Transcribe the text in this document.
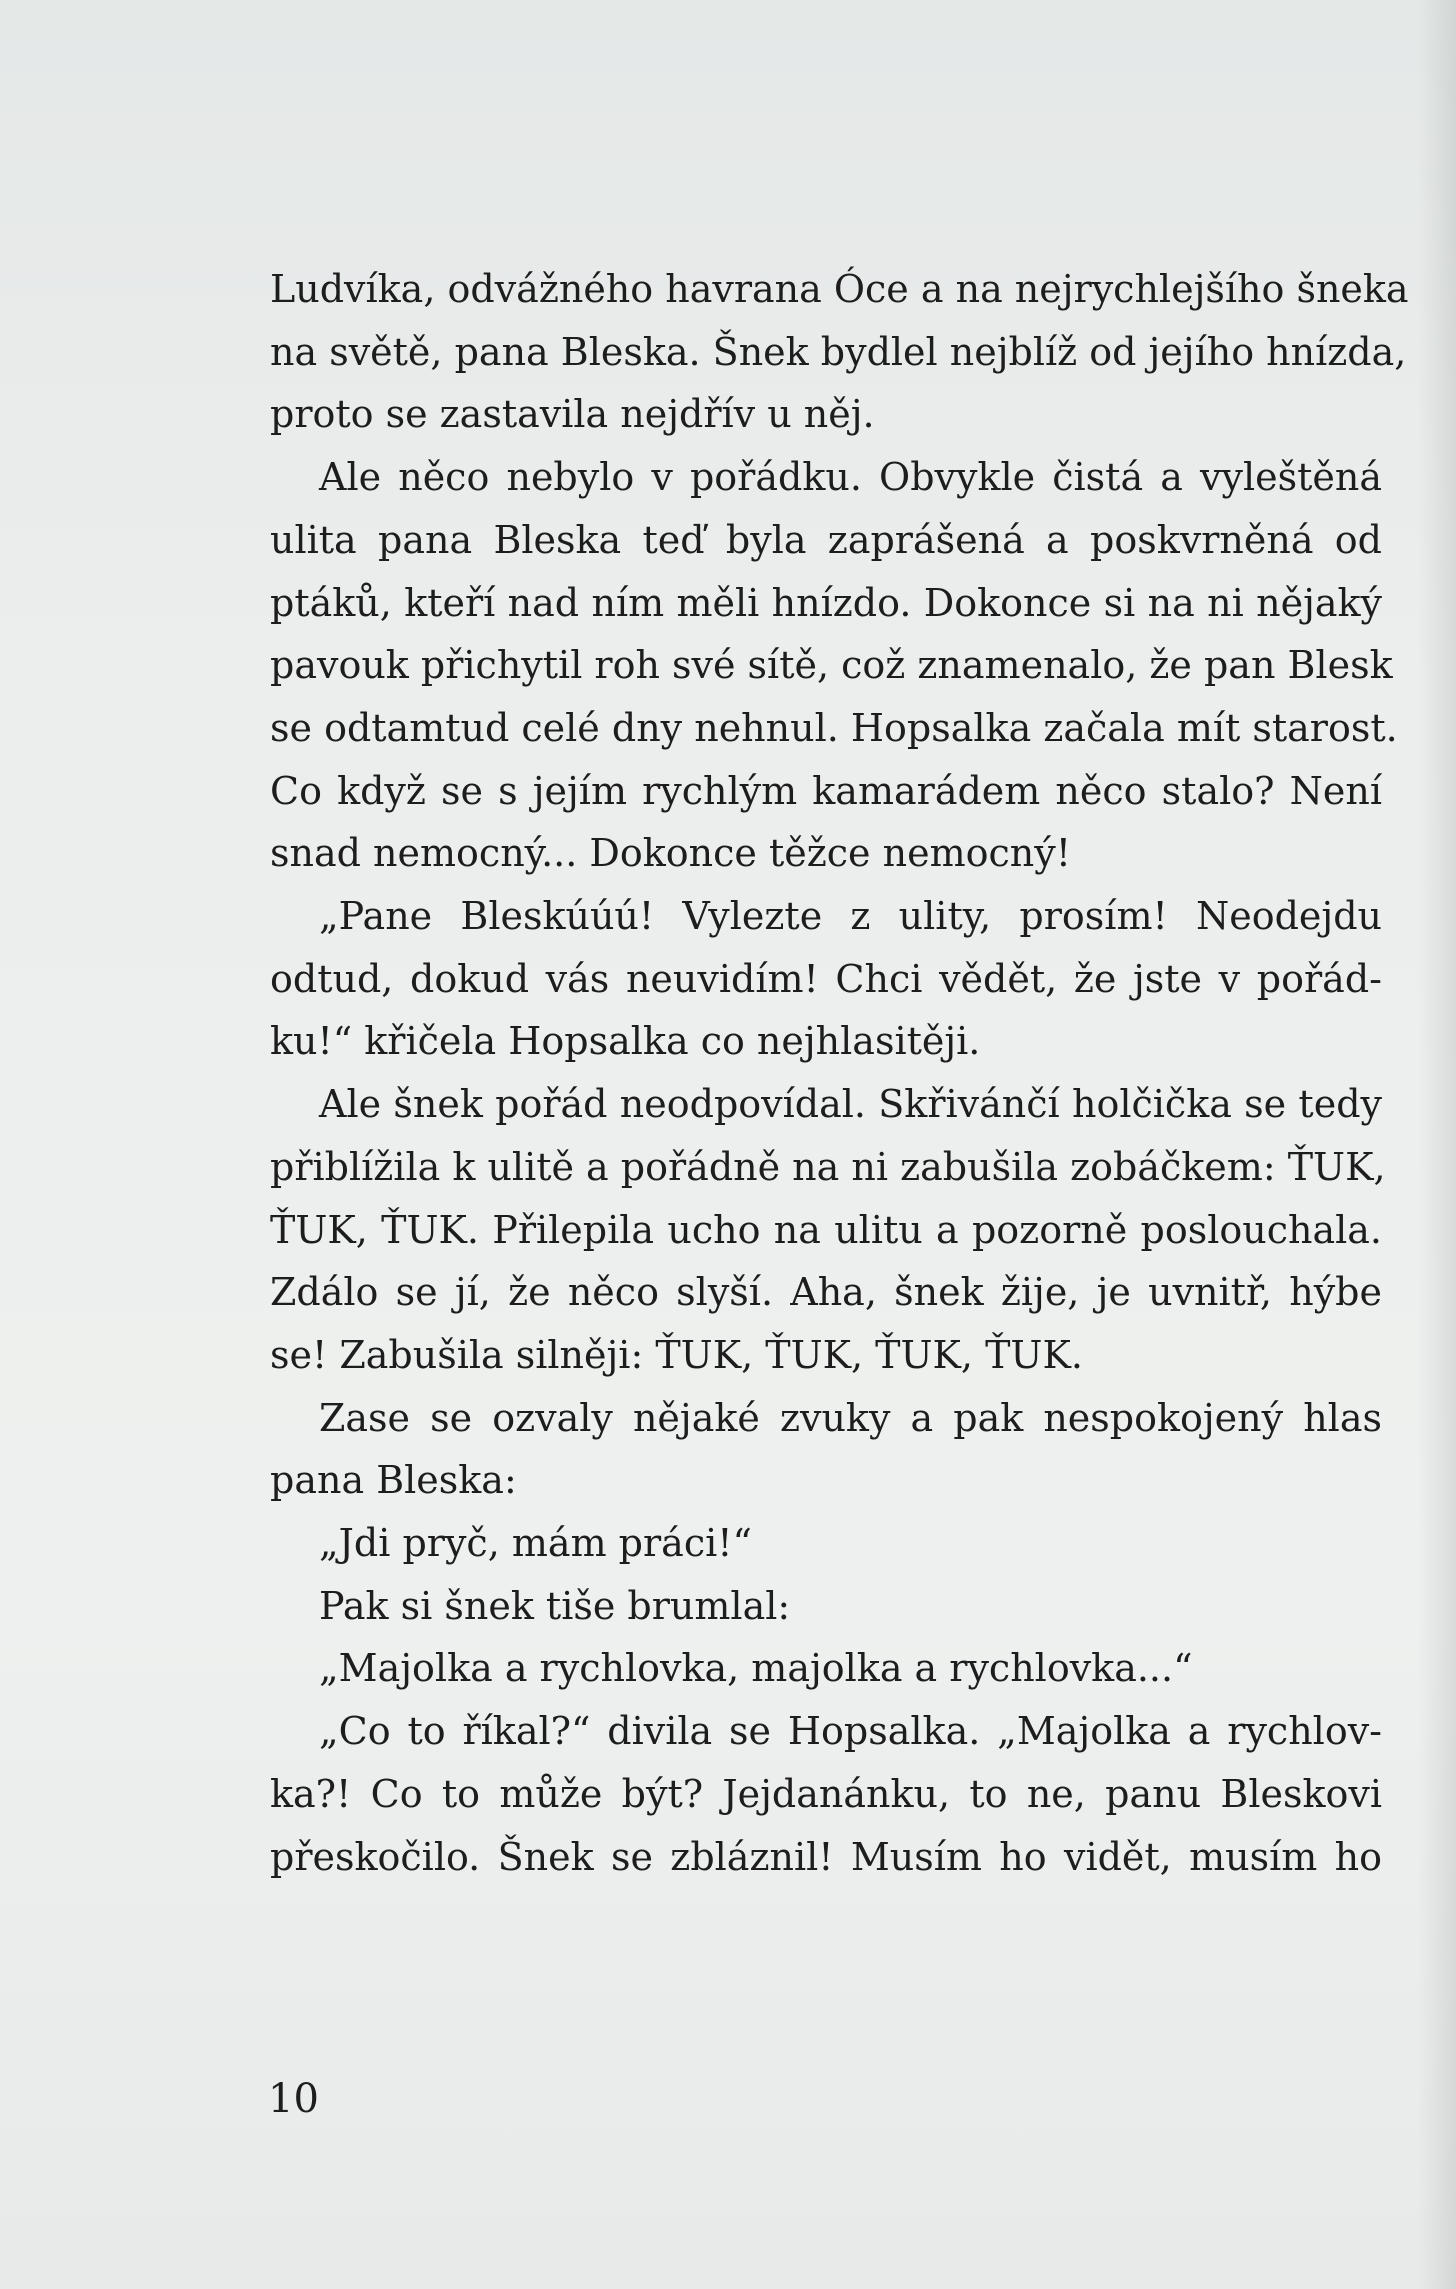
Ludvíka, odvážného havrana Óce a na nejrychlejšího šneka
na světě, pana Bleska. Šnek bydlel nejblíž od jejího hnízda,
proto se zastavila nejdřív u něj.
Ale něco nebylo v pořádku. Obvykle čistá a vyleštěná
ulita pana Bleska teď byla zaprášená a poskvrněná od
ptáků, kteří nad ním měli hnízdo. Dokonce si na ni nějaký
pavouk přichytil roh své sítě, což znamenalo, že pan Blesk
se odtamtud celé dny nehnul. Hopsalka začala mít starost.
Co když se s jejím rychlým kamarádem něco stalo? Není
snad nemocný... Dokonce těžce nemocný!
„Pane Bleskúúú! Vylezte z ulity, prosím! Neodejdu
odtud, dokud vás neuvidím! Chci vědět, že jste v pořád-
ku!“ křičela Hopsalka co nejhlasitěji.
Ale šnek pořád neodpovídal. Skřivánčí holčička se tedy
přiblížila k ulitě a pořádně na ni zabušila zobáčkem: ŤUK,
ŤUK, ŤUK. Přilepila ucho na ulitu a pozorně poslouchala.
Zdálo se jí, že něco slyší. Aha, šnek žije, je uvnitř, hýbe
se! Zabušila silněji: ŤUK, ŤUK, ŤUK, ŤUK.
Zase se ozvaly nějaké zvuky a pak nespokojený hlas
pana Bleska:
„Jdi pryč, mám práci!“
Pak si šnek tiše brumlal:
„Majolka a rychlovka, majolka a rychlovka...“
„Co to říkal?“ divila se Hopsalka. „Majolka a rychlov-
ka?! Co to může být? Jejdanánku, to ne, panu Bleskovi
přeskočilo. Šnek se zbláznil! Musím ho vidět, musím ho
10
